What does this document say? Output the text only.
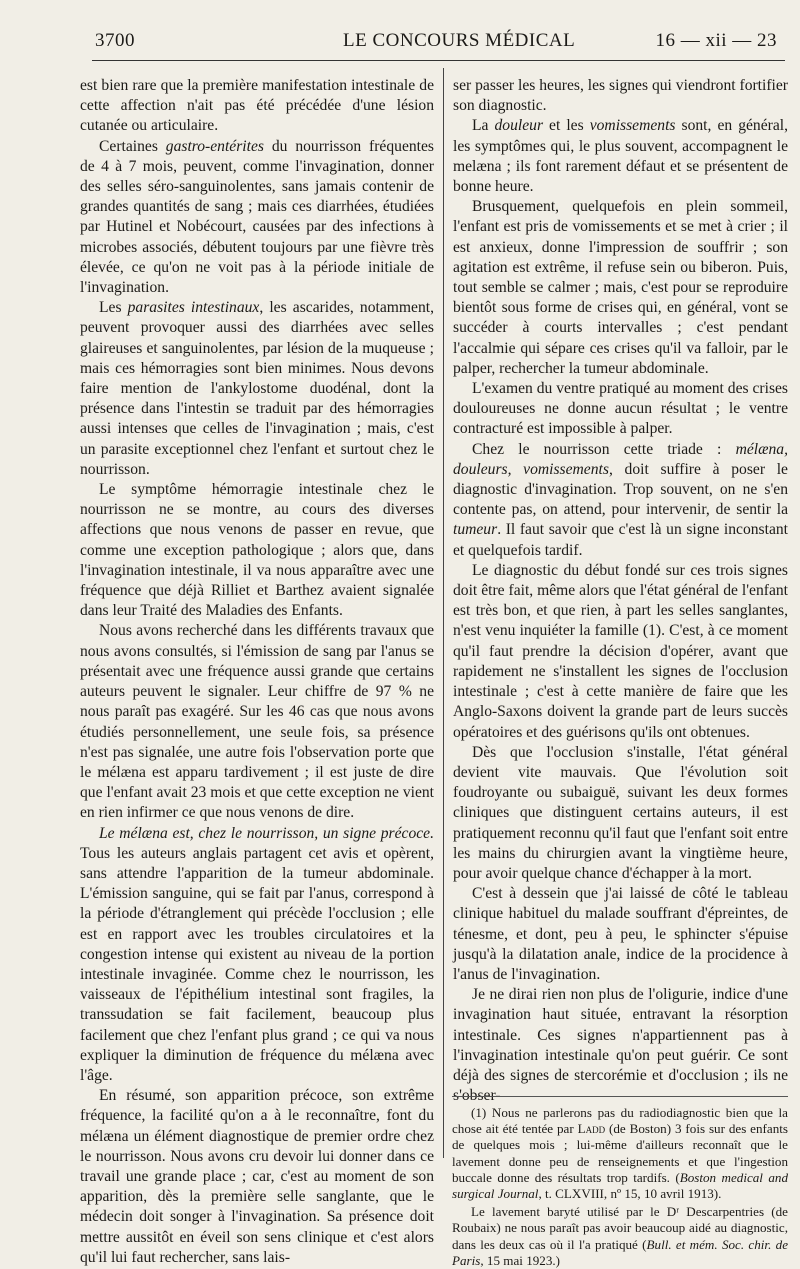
3700	LE CONCOURS MÉDICAL	16 — xii — 23

est bien rare que la première manifestation intestinale de cette affection n'ait pas été précédée d'une lésion cutanée ou articulaire.

Certaines gastro-entérites du nourrisson fréquentes de 4 à 7 mois, peuvent, comme l'invagination, donner des selles séro-sanguinolentes, sans jamais contenir de grandes quantités de sang ; mais ces diarrhées, étudiées par Hutinel et Nobécourt, causées par des infections à microbes associés, débutent toujours par une fièvre très élevée, ce qu'on ne voit pas à la période initiale de l'invagination.

Les parasites intestinaux, les ascarides, notamment, peuvent provoquer aussi des diarrhées avec selles glaireuses et sanguinolentes, par lésion de la muqueuse ; mais ces hémorragies sont bien minimes. Nous devons faire mention de l'ankylostome duodénal, dont la présence dans l'intestin se traduit par des hémorragies aussi intenses que celles de l'invagination ; mais, c'est un parasite exceptionnel chez l'enfant et surtout chez le nourrisson.

Le symptôme hémorragie intestinale chez le nourrisson ne se montre, au cours des diverses affections que nous venons de passer en revue, que comme une exception pathologique ; alors que, dans l'invagination intestinale, il va nous apparaître avec une fréquence que déjà Rilliet et Barthez avaient signalée dans leur Traité des Maladies des Enfants.

Nous avons recherché dans les différents travaux que nous avons consultés, si l'émission de sang par l'anus se présentait avec une fréquence aussi grande que certains auteurs peuvent le signaler. Leur chiffre de 97 % ne nous paraît pas exagéré. Sur les 46 cas que nous avons étudiés personnellement, une seule fois, sa présence n'est pas signalée, une autre fois l'observation porte que le mélæna est apparu tardivement ; il est juste de dire que l'enfant avait 23 mois et que cette exception ne vient en rien infirmer ce que nous venons de dire.

Le mélæna est, chez le nourrisson, un signe précoce. Tous les auteurs anglais partagent cet avis et opèrent, sans attendre l'apparition de la tumeur abdominale. L'émission sanguine, qui se fait par l'anus, correspond à la période d'étranglement qui précède l'occlusion ; elle est en rapport avec les troubles circulatoires et la congestion intense qui existent au niveau de la portion intestinale invaginée. Comme chez le nourrisson, les vaisseaux de l'épithélium intestinal sont fragiles, la transsudation se fait facilement, beaucoup plus facilement que chez l'enfant plus grand ; ce qui va nous expliquer la diminution de fréquence du mélæna avec l'âge.

En résumé, son apparition précoce, son extrême fréquence, la facilité qu'on a à le reconnaître, font du mélæna un élément diagnostique de premier ordre chez le nourrisson. Nous avons cru devoir lui donner dans ce travail une grande place ; car, c'est au moment de son apparition, dès la première selle sanglante, que le médecin doit songer à l'invagination. Sa présence doit mettre aussitôt en éveil son sens clinique et c'est alors qu'il lui faut rechercher, sans lais-

ser passer les heures, les signes qui viendront fortifier son diagnostic.

La douleur et les vomissements sont, en général, les symptômes qui, le plus souvent, accompagnent le melæna ; ils font rarement défaut et se présentent de bonne heure.

Brusquement, quelquefois en plein sommeil, l'enfant est pris de vomissements et se met à crier ; il est anxieux, donne l'impression de souffrir ; son agitation est extrême, il refuse sein ou biberon. Puis, tout semble se calmer ; mais, c'est pour se reproduire bientôt sous forme de crises qui, en général, vont se succéder à courts intervalles ; c'est pendant l'accalmie qui sépare ces crises qu'il va falloir, par le palper, rechercher la tumeur abdominale.

L'examen du ventre pratiqué au moment des crises douloureuses ne donne aucun résultat ; le ventre contracturé est impossible à palper.

Chez le nourrisson cette triade : mélæna, douleurs, vomissements, doit suffire à poser le diagnostic d'invagination. Trop souvent, on ne s'en contente pas, on attend, pour intervenir, de sentir la tumeur. Il faut savoir que c'est là un signe inconstant et quelquefois tardif.

Le diagnostic du début fondé sur ces trois signes doit être fait, même alors que l'état général de l'enfant est très bon, et que rien, à part les selles sanglantes, n'est venu inquiéter la famille (1). C'est, à ce moment qu'il faut prendre la décision d'opérer, avant que rapidement ne s'installent les signes de l'occlusion intestinale ; c'est à cette manière de faire que les Anglo-Saxons doivent la grande part de leurs succès opératoires et des guérisons qu'ils ont obtenues.

Dès que l'occlusion s'installe, l'état général devient vite mauvais. Que l'évolution soit foudroyante ou subaiguë, suivant les deux formes cliniques que distinguent certains auteurs, il est pratiquement reconnu qu'il faut que l'enfant soit entre les mains du chirurgien avant la vingtième heure, pour avoir quelque chance d'échapper à la mort.

C'est à dessein que j'ai laissé de côté le tableau clinique habituel du malade souffrant d'épreintes, de ténesme, et dont, peu à peu, le sphincter s'épuise jusqu'à la dilatation anale, indice de la procidence à l'anus de l'invagination.

Je ne dirai rien non plus de l'oligurie, indice d'une invagination haut située, entravant la résorption intestinale. Ces signes n'appartiennent pas à l'invagination intestinale qu'on peut guérir. Ce sont déjà des signes de stercorémie et d'occlusion ; ils ne s'obser-

(1) Nous ne parlerons pas du radiodiagnostic bien que la chose ait été tentée par Ladd (de Boston) 3 fois sur des enfants de quelques mois ; lui-même d'ailleurs reconnaît que le lavement donne peu de renseignements et que l'ingestion buccale donne des résultats trop tardifs. (Boston medical and surgical Journal, t. CLXVIII, nº 15, 10 avril 1913).

Le lavement baryté utilisé par le Dʳ Descarpentries (de Roubaix) ne nous paraît pas avoir beaucoup aidé au diagnostic, dans les deux cas où il l'a pratiqué (Bull. et mém. Soc. chir. de Paris, 15 mai 1923.)
